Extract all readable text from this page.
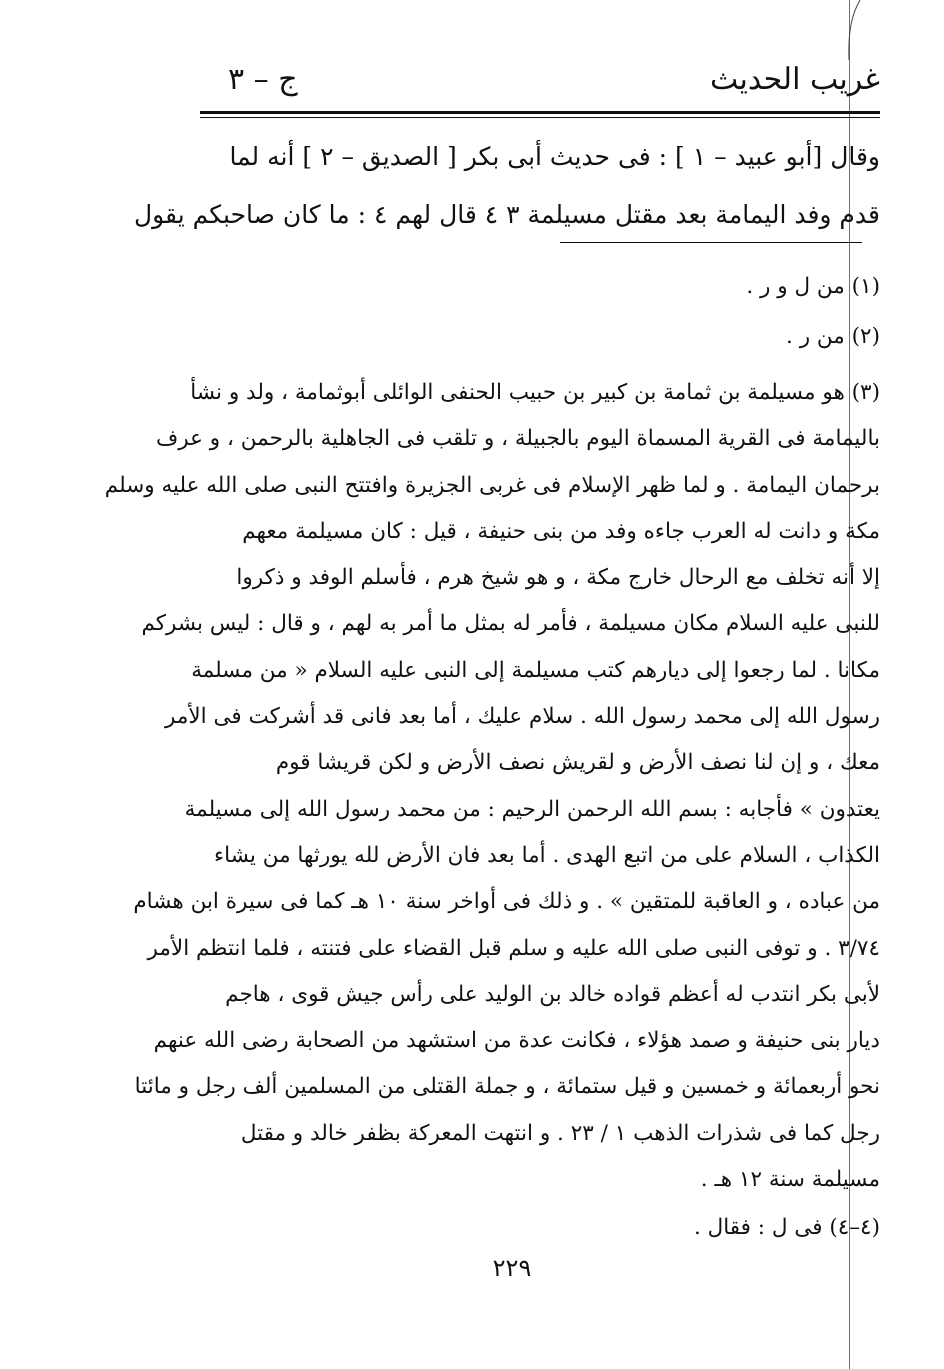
غريب الحديث
ج – ٣
وقال [أبو عبيد – ١ ] : فى حديث أبى بكر [ الصديق – ٢ ] أنه لما
قدم وفد اليمامة بعد مقتل مسيلمة ٣ ٤ قال لهم ٤ : ما كان صاحبكم يقول
(١) من ل و ر .
(٢) من ر .
(٣) هو مسيلمة بن ثمامة بن كبير بن حبيب الحنفى الوائلى أبوثمامة ، ولد و نشأ
باليمامة فى القرية المسماة اليوم بالجبيلة ، و تلقب فى الجاهلية بالرحمن ، و عرف
برحمان اليمامة . و لما ظهر الإسلام فى غربى الجزيرة وافتتح النبى صلى الله عليه وسلم
مكة و دانت له العرب جاءه وفد من بنى حنيفة ، قيل : كان مسيلمة معهم
إلا أنه تخلف مع الرحال خارج مكة ، و هو شيخ هرم ، فأسلم الوفد و ذكروا
للنبى عليه السلام مكان مسيلمة ، فأمر له بمثل ما أمر به لهم ، و قال : ليس بشركم
مكانا . لما رجعوا إلى ديارهم كتب مسيلمة إلى النبى عليه السلام « من مسلمة
رسول الله إلى محمد رسول الله . سلام عليك ، أما بعد فانى قد أشركت فى الأمر
معك ، و إن لنا نصف الأرض و لقريش نصف الأرض و لكن قريشا قوم
يعتدون » فأجابه : بسم الله الرحمن الرحيم : من محمد رسول الله إلى مسيلمة
الكذاب ، السلام على من اتبع الهدى . أما بعد فان الأرض لله يورثها من يشاء
من عباده ، و العاقبة للمتقين » . و ذلك فى أواخر سنة ١٠ هـ كما فى سيرة ابن هشام
٣/٧٤ . و توفى النبى صلى الله عليه و سلم قبل القضاء على فتنته ، فلما انتظم الأمر
لأبى بكر انتدب له أعظم قواده خالد بن الوليد على رأس جيش قوى ، هاجم
ديار بنى حنيفة و صمد هؤلاء ، فكانت عدة من استشهد من الصحابة رضى الله عنهم
نحو أربعمائة و خمسين و قيل ستمائة ، و جملة القتلى من المسلمين ألف رجل و مائتا
رجل كما فى شذرات الذهب ١ / ٢٣ . و انتهت المعركة بظفر خالد و مقتل
مسيلمة سنة ١٢ هـ .
(٤–٤) فى ل : فقال .
٢٢٩
